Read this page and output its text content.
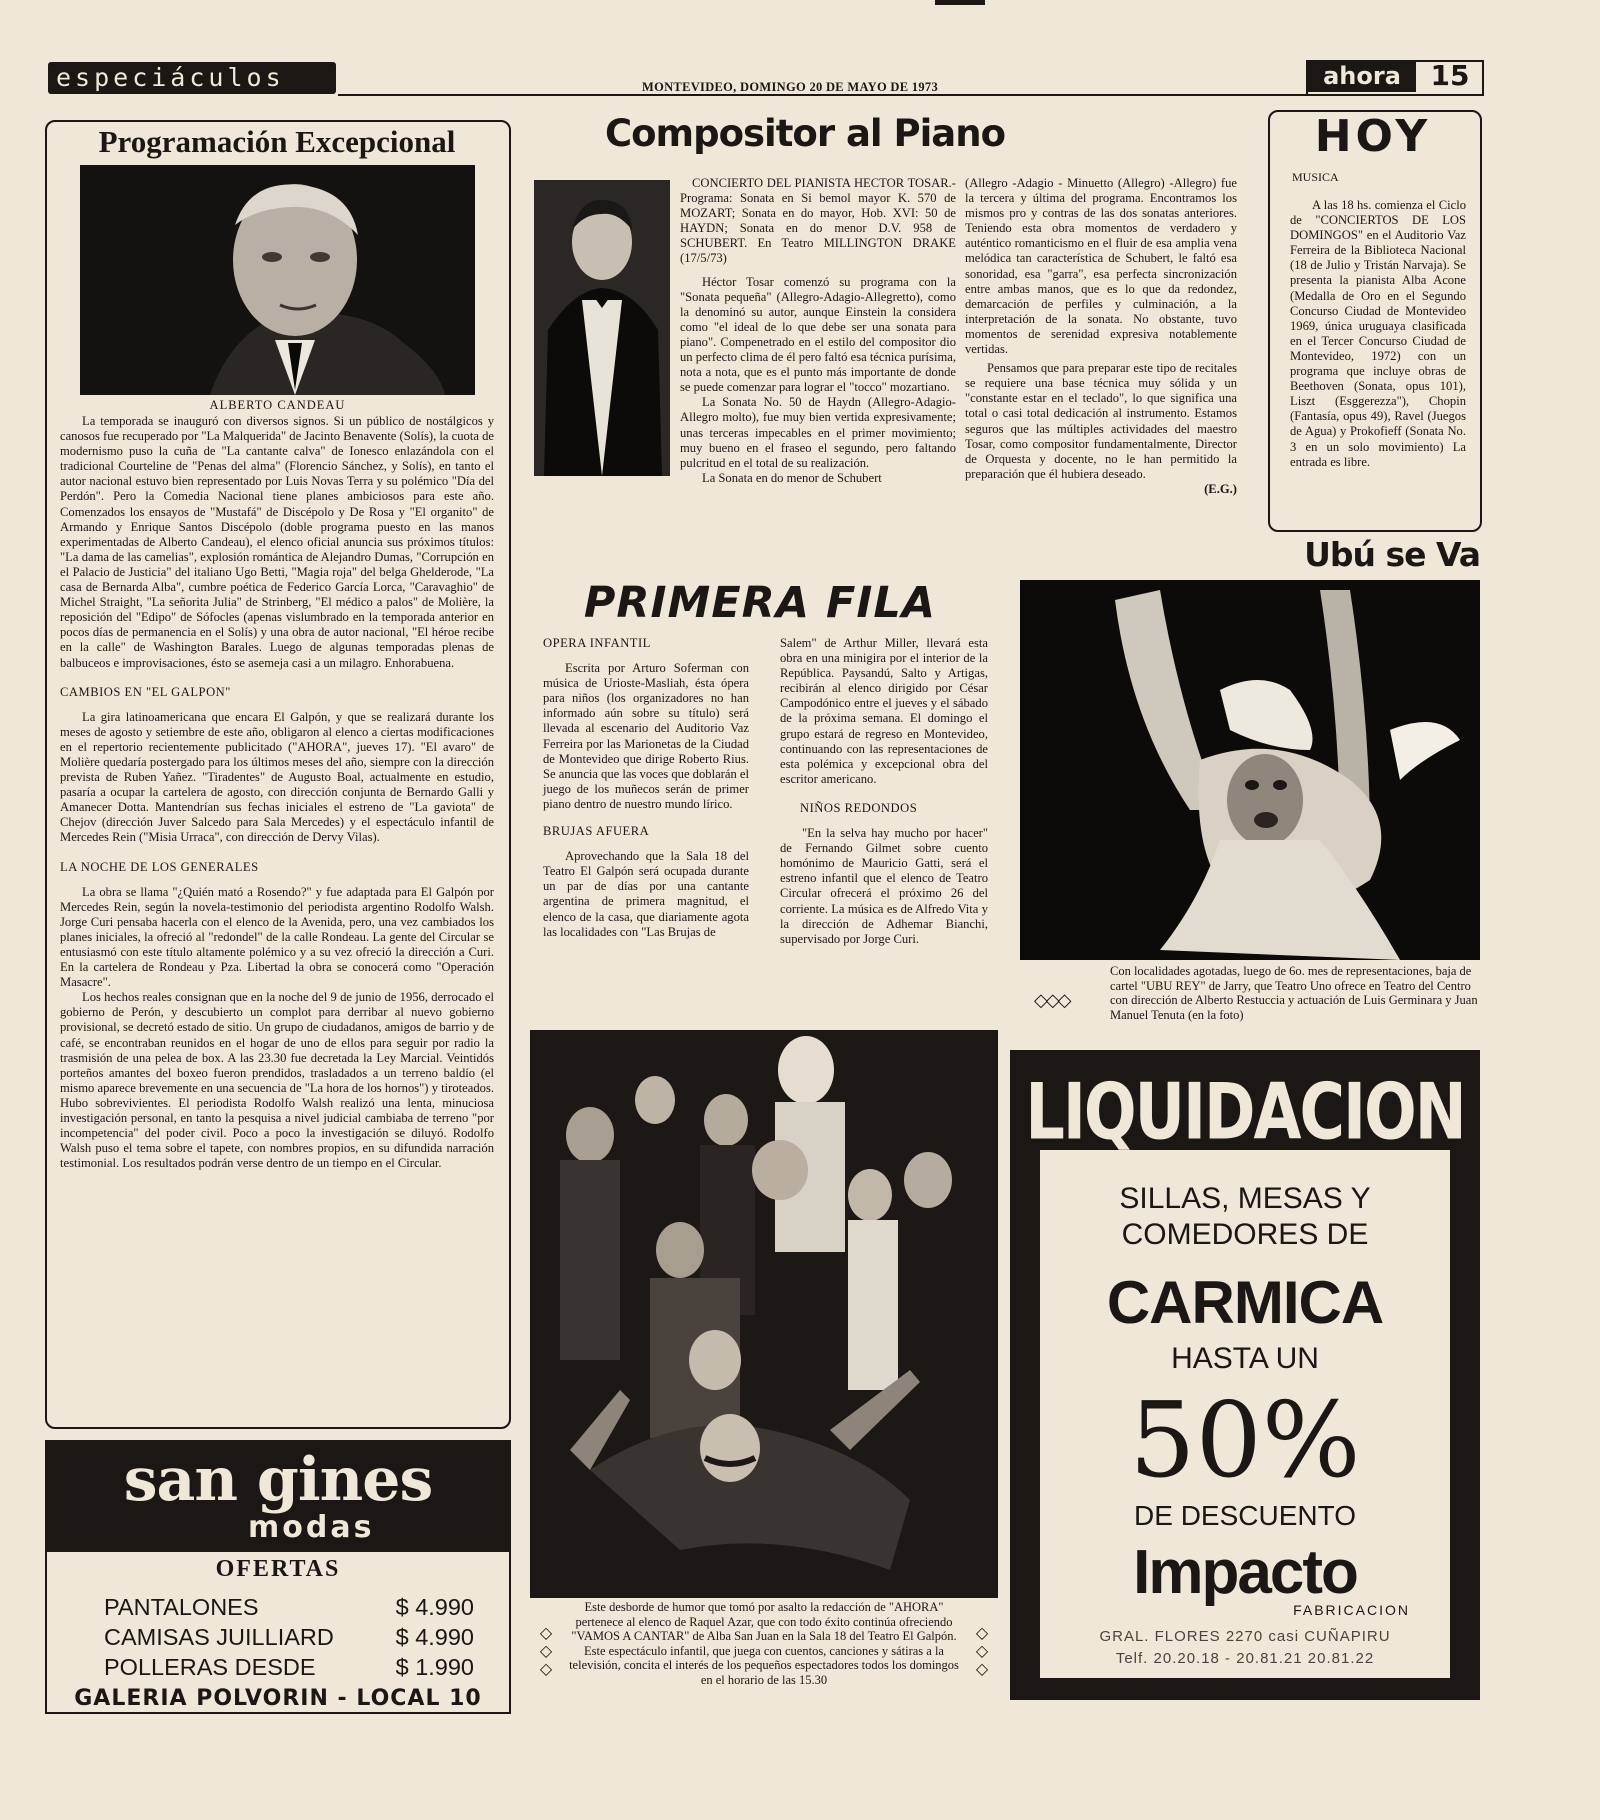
especiáculos	MONTEVIDEO, DOMINGO 20 DE MAYO DE 1973	ahora	15
Programación Excepcional
ALBERTO CANDEAU

La temporada se inauguró con diversos signos. Si un público de nostálgicos y canosos fue recuperado por "La Malquerida" de Jacinto Benavente (Solís), la cuota de modernismo puso la cuña de "La cantante calva" de Ionesco enlazándola con el tradicional Courteline de "Penas del alma" (Florencio Sánchez, y Solís), en tanto el autor nacional estuvo bien representado por Luis Novas Terra y su polémico "Día del Perdón". Pero la Comedia Nacional tiene planes ambiciosos para este año. Comenzados los ensayos de "Mustafá" de Discépolo y De Rosa y "El organito" de Armando y Enrique Santos Discépolo (doble programa puesto en las manos experimentadas de Alberto Candeau), el elenco oficial anuncia sus próximos títulos: "La dama de las camelias", explosión romántica de Alejandro Dumas, "Corrupción en el Palacio de Justicia" del italiano Ugo Betti, "Magia roja" del belga Ghelderode, "La casa de Bernarda Alba", cumbre poética de Federico García Lorca, "Caravaghio" de Michel Straight, "La señorita Julia" de Strinberg, "El médico a palos" de Molière, la reposición del "Edipo" de Sófocles (apenas vislumbrado en la temporada anterior en pocos días de permanencia en el Solís) y una obra de autor nacional, "El héroe recibe en la calle" de Washington Barales. Luego de algunas temporadas plenas de balbuceos e improvisaciones, ésto se asemeja casi a un milagro. Enhorabuena.

CAMBIOS EN "EL GALPON"

La gira latinoamericana que encara El Galpón, y que se realizará durante los meses de agosto y setiembre de este año, obligaron al elenco a ciertas modificaciones en el repertorio recientemente publicitado ("AHORA", jueves 17). "El avaro" de Molière quedaría postergado para los últimos meses del año, siempre con la dirección prevista de Ruben Yañez. "Tiradentes" de Augusto Boal, actualmente en estudio, pasaría a ocupar la cartelera de agosto, con dirección conjunta de Bernardo Galli y Amanecer Dotta. Mantendrían sus fechas iniciales el estreno de "La gaviota" de Chejov (dirección Juver Salcedo para Sala Mercedes) y el espectáculo infantil de Mercedes Rein ("Misia Urraca", con dirección de Dervy Vilas).

LA NOCHE DE LOS GENERALES

La obra se llama "¿Quién mató a Rosendo?" y fue adaptada para El Galpón por Mercedes Rein, según la novela-testimonio del periodista argentino Rodolfo Walsh. Jorge Curi pensaba hacerla con el elenco de la Avenida, pero, una vez cambiados los planes iniciales, la ofreció al "redondel" de la calle Rondeau. La gente del Circular se entusiasmó con este título altamente polémico y a su vez ofreció la dirección a Curi. En la cartelera de Rondeau y Pza. Libertad la obra se conocerá como "Operación Masacre".

Los hechos reales consignan que en la noche del 9 de junio de 1956, derrocado el gobierno de Perón, y descubierto un complot para derribar al nuevo gobierno provisional, se decretó estado de sitio. Un grupo de ciudadanos, amigos de barrio y de café, se encontraban reunidos en el hogar de uno de ellos para seguir por radio la trasmisión de una pelea de box. A las 23.30 fue decretada la Ley Marcial. Veintidós porteños amantes del boxeo fueron prendidos, trasladados a un terreno baldío (el mismo aparece brevemente en una secuencia de "La hora de los hornos") y tiroteados. Hubo sobrevivientes. El periodista Rodolfo Walsh realizó una lenta, minuciosa investigación personal, en tanto la pesquisa a nivel judicial cambiaba de terreno "por incompetencia" del poder civil. Poco a poco la investigación se diluyó. Rodolfo Walsh puso el tema sobre el tapete, con nombres propios, en su difundida narración testimonial. Los resultados podrán verse dentro de un tiempo en el Circular.

san gines
modas
OFERTAS
PANTALONES	$ 4.990
CAMISAS JUILLIARD	$ 4.990
POLLERAS DESDE	$ 1.990
GALERIA POLVORIN - LOCAL 10
Compositor al Piano

CONCIERTO DEL PIANISTA HECTOR TOSAR.- Programa: Sonata en Si bemol mayor K. 570 de MOZART; Sonata en do mayor, Hob. XVI: 50 de HAYDN; Sonata en do menor D.V. 958 de SCHUBERT. En Teatro MILLINGTON DRAKE (17/5/73)

Héctor Tosar comenzó su programa con la "Sonata pequeña" (Allegro-Adagio-Allegretto), como la denominó su autor, aunque Einstein la considera como "el ideal de lo que debe ser una sonata para piano". Compenetrado en el estilo del compositor dio un perfecto clima de él pero faltó esa técnica purísima, nota a nota, que es el punto más importante de donde se puede comenzar para lograr el "tocco" mozartiano.

La Sonata No. 50 de Haydn (Allegro-Adagio-Allegro molto), fue muy bien vertida expresivamente; unas terceras impecables en el primer movimiento; muy bueno en el fraseo el segundo, pero faltando pulcritud en el total de su realización.

La Sonata en do menor de Schubert

(Allegro -Adagio - Minuetto (Allegro) -Allegro) fue la tercera y última del programa. Encontramos los mismos pro y contras de las dos sonatas anteriores. Teniendo esta obra momentos de verdadero y auténtico romanticismo en el fluir de esa amplia vena melódica tan característica de Schubert, le faltó esa sonoridad, esa "garra", esa perfecta sincronización entre ambas manos, que es lo que da redondez, demarcación de perfiles y culminación, a la interpretación de la sonata. No obstante, tuvo momentos de serenidad expresiva notablemente vertidas.

Pensamos que para preparar este tipo de recitales se requiere una base técnica muy sólida y un "constante estar en el teclado", lo que significa una total o casi total dedicación al instrumento. Estamos seguros que las múltiples actividades del maestro Tosar, como compositor fundamentalmente, Director de Orquesta y docente, no le han permitido la preparación que él hubiera deseado.

(E.G.)
PRIMERA FILA
OPERA INFANTIL

Escrita por Arturo Soferman con música de Urioste-Masliah, ésta ópera para niños (los organizadores no han informado aún sobre su título) será llevada al escenario del Auditorio Vaz Ferreira por las Marionetas de la Ciudad de Montevideo que dirige Roberto Rius. Se anuncia que las voces que doblarán el juego de los muñecos serán de primer piano dentro de nuestro mundo lírico.

BRUJAS AFUERA

Aprovechando que la Sala 18 del Teatro El Galpón será ocupada durante un par de días por una cantante argentina de primera magnitud, el elenco de la casa, que diariamente agota las localidades con "Las Brujas de

Salem" de Arthur Miller, llevará esta obra en una minigira por el interior de la República. Paysandú, Salto y Artigas, recibirán al elenco dirigido por César Campodónico entre el jueves y el sábado de la próxima semana. El domingo el grupo estará de regreso en Montevideo, continuando con las representaciones de esta polémica y excepcional obra del escritor americano.

NIÑOS REDONDOS

"En la selva hay mucho por hacer" de Fernando Gilmet sobre cuento homónimo de Mauricio Gatti, será el estreno infantil que el elenco de Teatro Circular ofrecerá el próximo 26 del corriente. La música es de Alfredo Vita y la dirección de Adhemar Bianchi, supervisado por Jorge Curi.

Este desborde de humor que tomó por asalto la redacción de "AHORA" pertenece al elenco de Raquel Azar, que con todo éxito continúa ofreciendo "VAMOS A CANTAR" de Alba San Juan en la Sala 18 del Teatro El Galpón. Este espectáculo infantil, que juega con cuentos, canciones y sátiras a la televisión, concita el interés de los pequeños espectadores todos los domingos en el horario de las 15.30
◇
◇
◇
◇
◇
◇
HOY
MUSICA

A las 18 hs. comienza el Ciclo de "CONCIERTOS DE LOS DOMINGOS" en el Auditorio Vaz Ferreira de la Biblioteca Nacional (18 de Julio y Tristán Narvaja). Se presenta la pianista Alba Acone (Medalla de Oro en el Segundo Concurso Ciudad de Montevideo 1969, única uruguaya clasificada en el Tercer Concurso Ciudad de Montevideo, 1972) con un programa que incluye obras de Beethoven (Sonata, opus 101), Liszt (Esggerezza"), Chopin (Fantasía, opus 49), Ravel (Juegos de Agua) y Prokofieff (Sonata No. 3 en un solo movimiento) La entrada es libre.

Ubú se Va
Con localidades agotadas, luego de 6o. mes de representaciones, baja de cartel "UBU REY" de Jarry, que Teatro Uno ofrece en Teatro del Centro con dirección de Alberto Restuccia y actuación de Luis Germinara y Juan Manuel Tenuta (en la foto)
◇◇◇
LIQUIDACION
SILLAS, MESAS Y
COMEDORES DE
CARMICA
HASTA UN
50%
DE DESCUENTO
Impacto
FABRICACION
GRAL. FLORES 2270 casi CUÑAPIRU
Telf. 20.20.18 - 20.81.21 20.81.22
